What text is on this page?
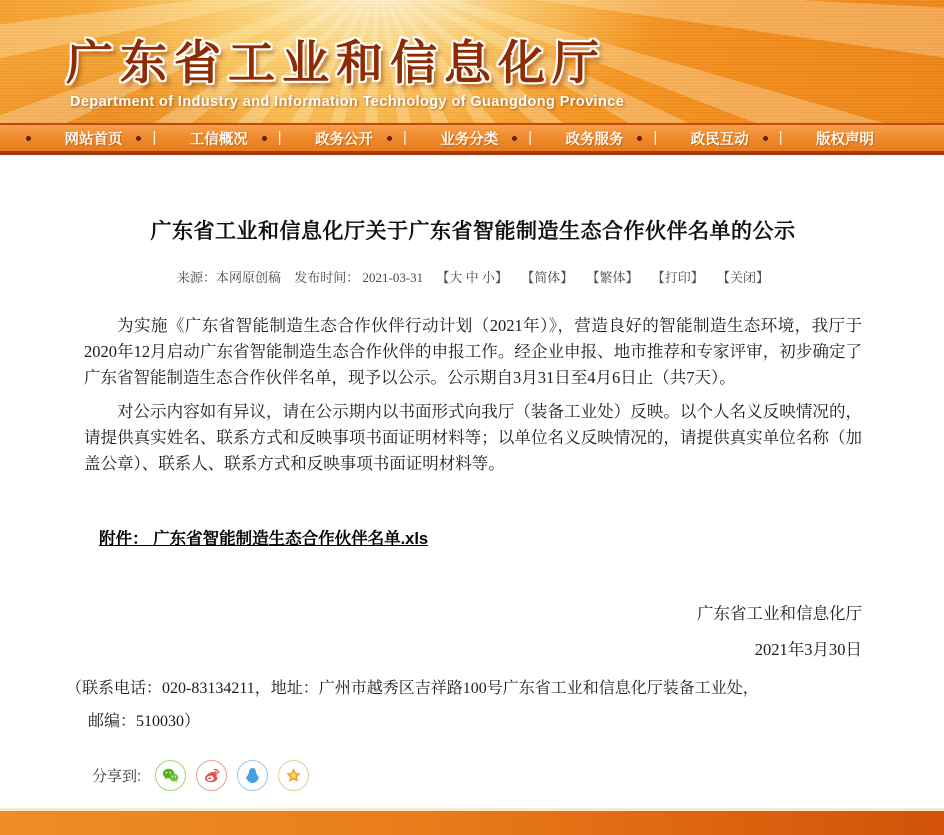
广东省工业和信息化厅
Department of Industry and Information Technology of Guangdong Province
网站首页 | 工信概况 | 政务公开 | 业务分类 | 政务服务 | 政民互动 | 版权声明
广东省工业和信息化厅关于广东省智能制造生态合作伙伴名单的公示
来源：本网原创稿 发布时间： 2021-03-31 【大 中 小】 【简体】 【繁体】 【打印】 【关闭】

为实施《广东省智能制造生态合作伙伴行动计划（2021年）》，营造良好的智能制造生态环境，我厅于2020年12月启动广东省智能制造生态合作伙伴的申报工作。经企业申报、地市推荐和专家评审，初步确定了广东省智能制造生态合作伙伴名单，现予以公示。公示期自3月31日至4月6日止（共7天）。

对公示内容如有异议，请在公示期内以书面形式向我厅（装备工业处）反映。以个人名义反映情况的，请提供真实姓名、联系方式和反映事项书面证明材料等；以单位名义反映情况的，请提供真实单位名称（加盖公章）、联系人、联系方式和反映事项书面证明材料等。

附件： 广东省智能制造生态合作伙伴名单.xls
广东省工业和信息化厅
2021年3月30日
（联系电话：020-83134211，地址：广州市越秀区吉祥路100号广东省工业和信息化厅装备工业处，
邮编：510030）
分享到:
